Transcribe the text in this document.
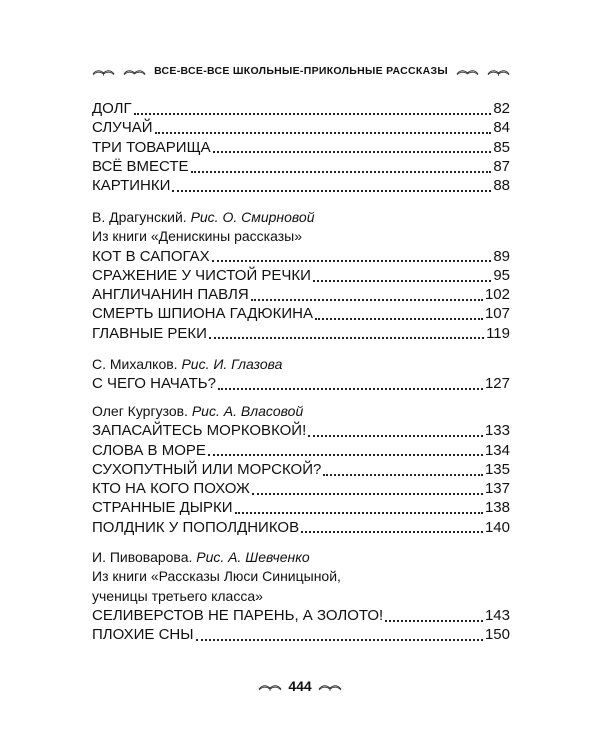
ВСЕ-ВСЕ-ВСЕ ШКОЛЬНЫЕ-ПРИКОЛЬНЫЕ РАССКАЗЫ
ДОЛГ	82
СЛУЧАЙ	84
ТРИ ТОВАРИЩА	85
ВСЁ ВМЕСТЕ	87
КАРТИНКИ	88
В. Драгунский. Рис. О. Смирновой
Из книги «Денискины рассказы»
КОТ В САПОГАХ	89
СРАЖЕНИЕ У ЧИСТОЙ РЕЧКИ	95
АНГЛИЧАНИН ПАВЛЯ	102
СМЕРТЬ ШПИОНА ГАДЮКИНА	107
ГЛАВНЫЕ РЕКИ	119
С. Михалков. Рис. И. Глазова
С ЧЕГО НАЧАТЬ?	127
Олег Кургузов. Рис. А. Власовой
ЗАПАСАЙТЕСЬ МОРКОВКОЙ!	133
СЛОВА В МОРЕ	134
СУХОПУТНЫЙ ИЛИ МОРСКОЙ?	135
КТО НА КОГО ПОХОЖ	137
СТРАННЫЕ ДЫРКИ	138
ПОЛДНИК У ПОПОЛДНИКОВ	140
И. Пивоварова. Рис. А. Шевченко
Из книги «Рассказы Люси Синицыной,
ученицы третьего класса»
СЕЛИВЕРСТОВ НЕ ПАРЕНЬ, А ЗОЛОТО!	143
ПЛОХИЕ СНЫ	150
444
